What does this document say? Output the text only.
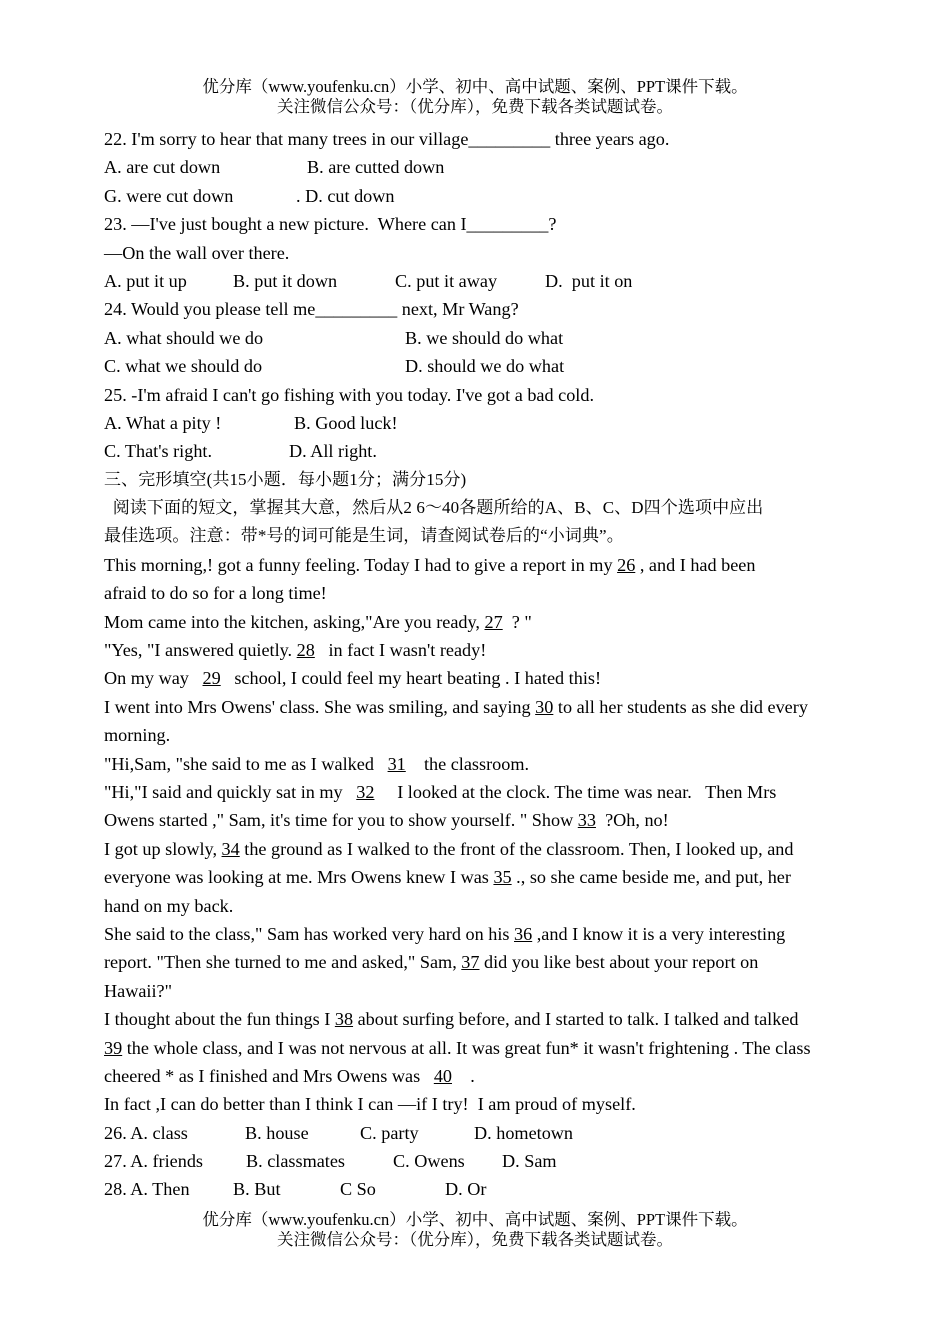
优分库（www.youfenku.cn）小学、初中、高中试题、案例、PPT课件下载。
关注微信公众号：（优分库），免费下载各类试题试卷。
22. I'm sorry to hear that many trees in our village_________ three years ago.
A. are cut down	B. are cutted down
G. were cut down	. D. cut down
23. —I've just bought a new picture.  Where can I_________?
—On the wall over there.
A. put it up	B. put it down	C. put it away	D.  put it on
24. Would you please tell me_________ next, Mr Wang?
A. what should we do	B. we should do what
C. what we should do	D. should we do what
25. -I'm afraid I can't go fishing with you today. I've got a bad cold.
A. What a pity !	B. Good luck!
C. That's right.	D. All right.
三、完形填空(共15小题．每小题1分；满分15分)
阅读下面的短文，掌握其大意，然后从2 6～40各题所给的A、B、C、D四个选项中应出
最佳选项。注意：带*号的词可能是生词，请查阅试卷后的“小词典”。
This morning,! got a funny feeling. Today I had to give a report in my 26 , and I had been
afraid to do so for a long time!
Mom came into the kitchen, asking,"Are you ready, 27  ? "
"Yes, "I answered quietly. 28   in fact I wasn't ready!
On my way   29   school, I could feel my heart beating . I hated this!
I went into Mrs Owens' class. She was smiling, and saying 30 to all her students as she did every
morning.
"Hi,Sam, "she said to me as I walked   31    the classroom.
"Hi,"I said and quickly sat in my   32     I looked at the clock. The time was near.   Then Mrs
Owens started ," Sam, it's time for you to show yourself. " Show 33  ?Oh, no!
I got up slowly, 34 the ground as I walked to the front of the classroom. Then, I looked up, and
everyone was looking at me. Mrs Owens knew I was 35 ., so she came beside me, and put, her
hand on my back.
She said to the class," Sam has worked very hard on his 36 ,and I know it is a very interesting
report. "Then she turned to me and asked," Sam, 37 did you like best about your report on
Hawaii?"
I thought about the fun things I 38 about surfing before, and I started to talk. I talked and talked
39 the whole class, and I was not nervous at all. It was great fun* it wasn't frightening . The class
cheered * as I finished and Mrs Owens was   40    .
In fact ,I can do better than I think I can —if I try!  I am proud of myself.
26. A. class	B. house	C. party	D. hometown
27. A. friends B. classmates	C. Owens D. Sam
28. A. Then B. But	C So	D. Or
优分库（www.youfenku.cn）小学、初中、高中试题、案例、PPT课件下载。
关注微信公众号：（优分库），免费下载各类试题试卷。
